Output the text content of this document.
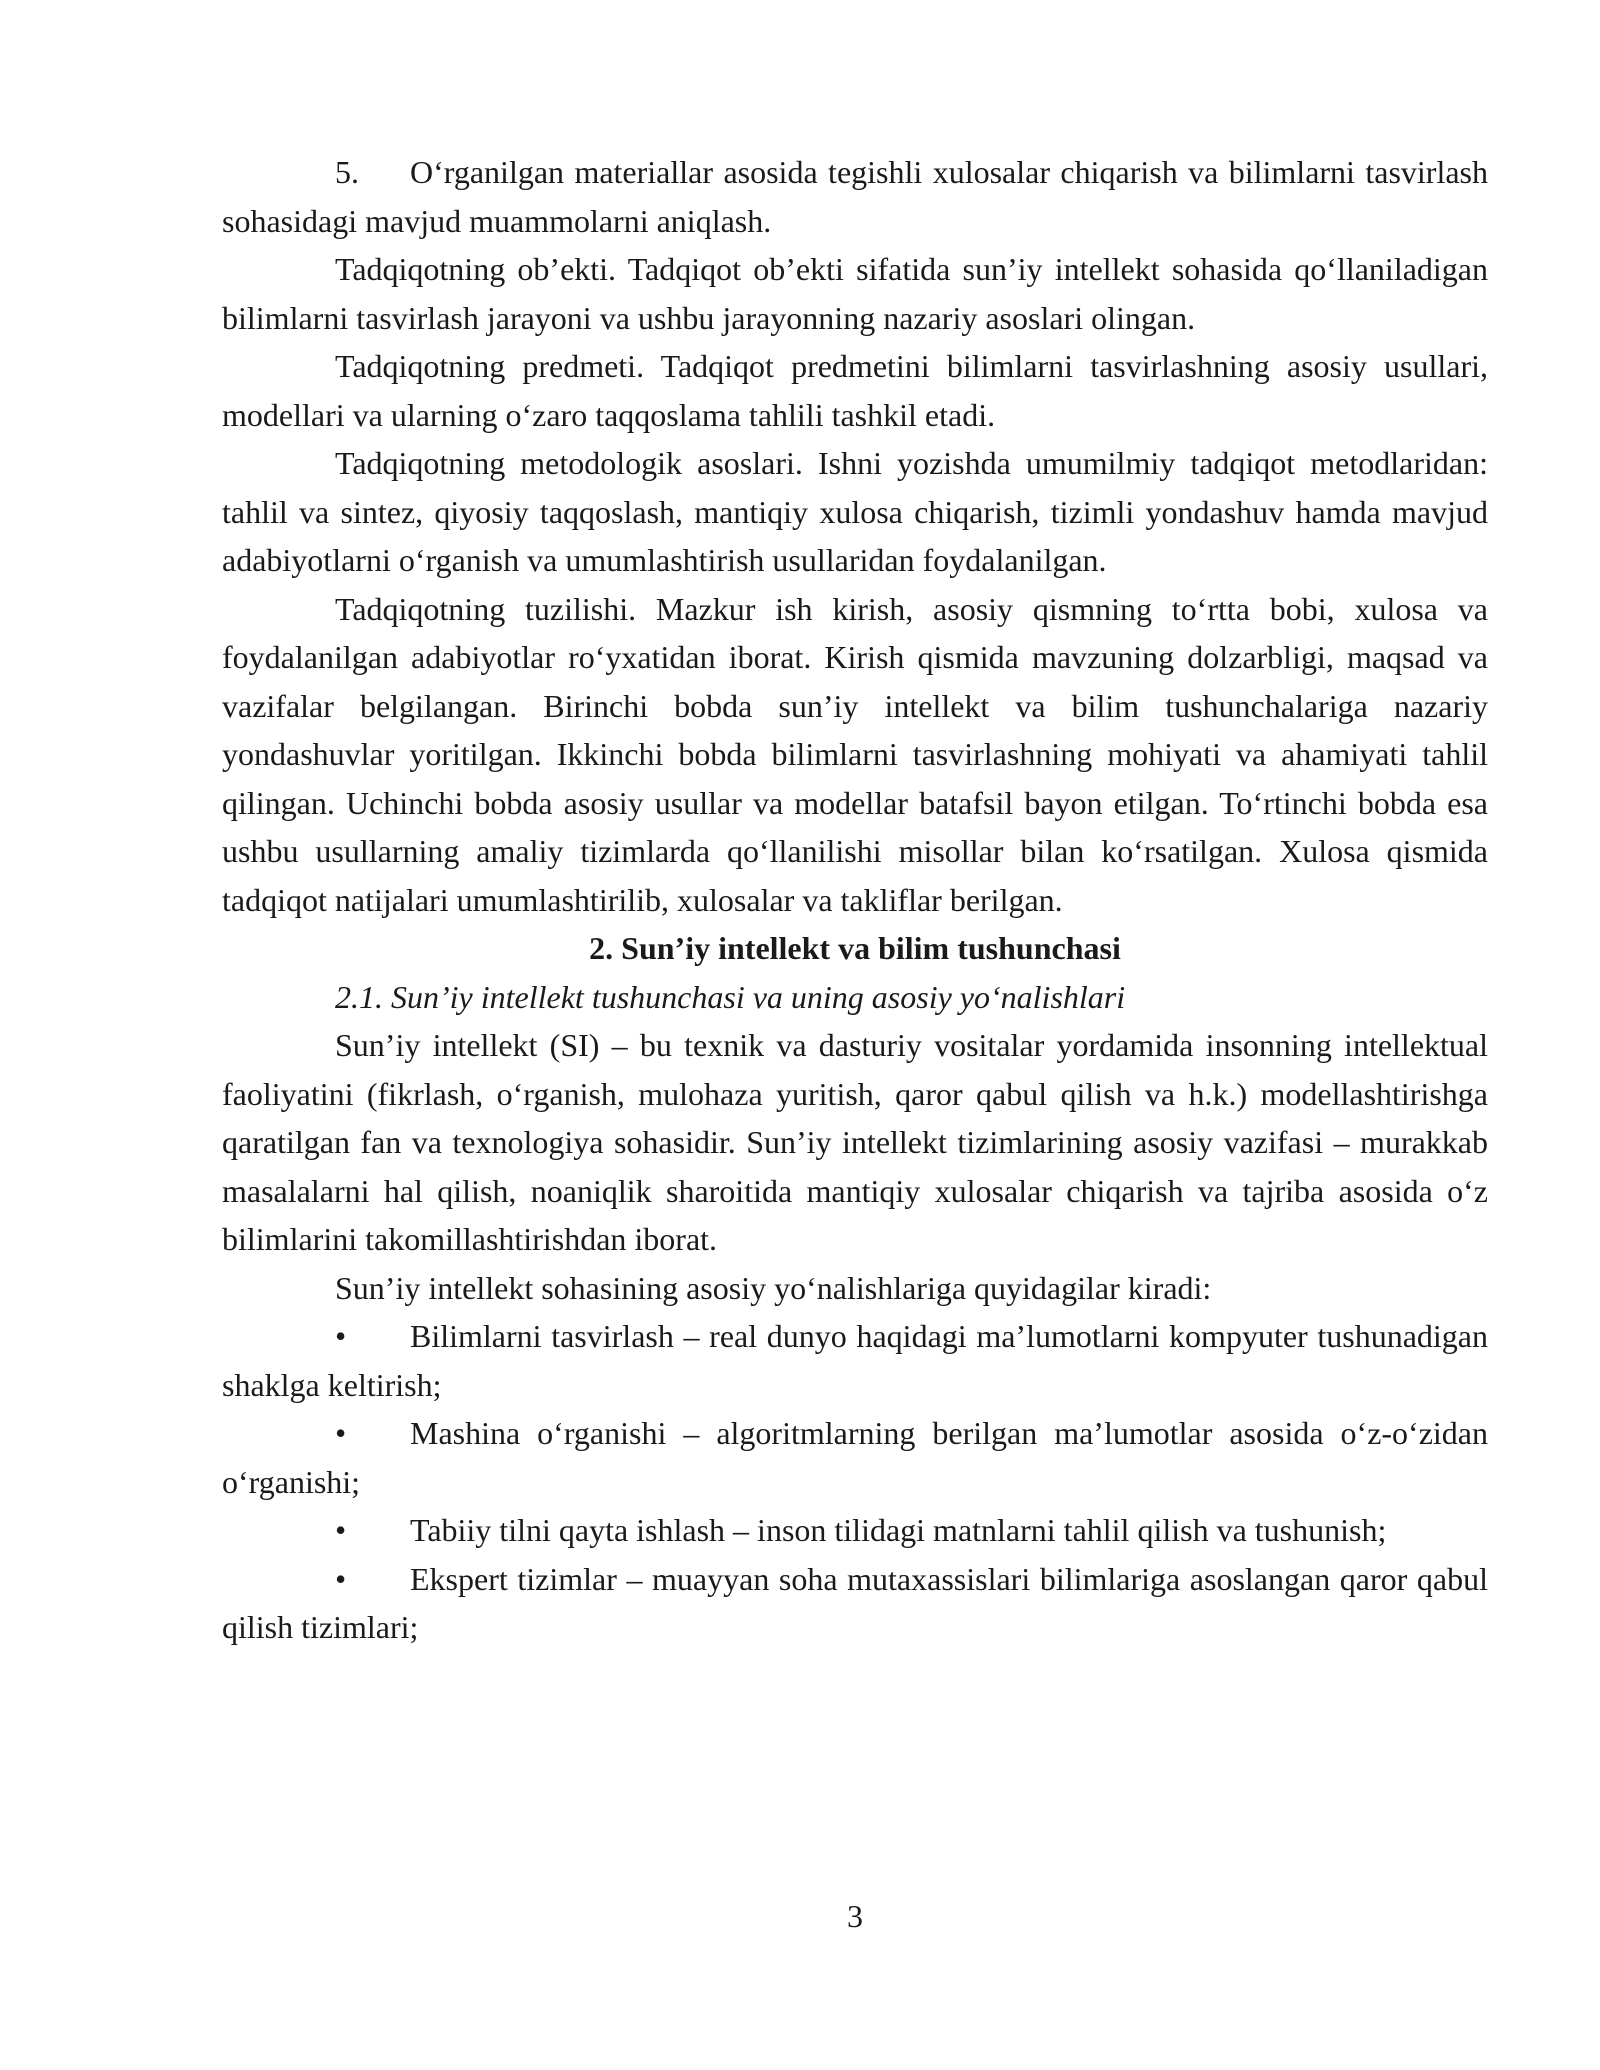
5. O‘rganilgan materiallar asosida tegishli xulosalar chiqarish va bilimlarni tasvirlash sohasidagi mavjud muammolarni aniqlash.

Tadqiqotning ob’ekti. Tadqiqot ob’ekti sifatida sun’iy intellekt sohasida qo‘llaniladigan bilimlarni tasvirlash jarayoni va ushbu jarayonning nazariy asoslari olingan.

Tadqiqotning predmeti. Tadqiqot predmetini bilimlarni tasvirlashning asosiy usullari, modellari va ularning o‘zaro taqqoslama tahlili tashkil etadi.

Tadqiqotning metodologik asoslari. Ishni yozishda umumilmiy tadqiqot metodlaridan: tahlil va sintez, qiyosiy taqqoslash, mantiqiy xulosa chiqarish, tizimli yondashuv hamda mavjud adabiyotlarni o‘rganish va umumlashtirish usullaridan foydalanilgan.

Tadqiqotning tuzilishi. Mazkur ish kirish, asosiy qismning to‘rtta bobi, xulosa va foydalanilgan adabiyotlar ro‘yxatidan iborat. Kirish qismida mavzuning dolzarbligi, maqsad va vazifalar belgilangan. Birinchi bobda sun’iy intellekt va bilim tushunchalariga nazariy yondashuvlar yoritilgan. Ikkinchi bobda bilimlarni tasvirlashning mohiyati va ahamiyati tahlil qilingan. Uchinchi bobda asosiy usullar va modellar batafsil bayon etilgan. To‘rtinchi bobda esa ushbu usullarning amaliy tizimlarda qo‘llanilishi misollar bilan ko‘rsatilgan. Xulosa qismida tadqiqot natijalari umumlashtirilib, xulosalar va takliflar berilgan.

2. Sun’iy intellekt va bilim tushunchasi

2.1. Sun’iy intellekt tushunchasi va uning asosiy yo‘nalishlari

Sun’iy intellekt (SI) – bu texnik va dasturiy vositalar yordamida insonning intellektual faoliyatini (fikrlash, o‘rganish, mulohaza yuritish, qaror qabul qilish va h.k.) modellashtirishga qaratilgan fan va texnologiya sohasidir. Sun’iy intellekt tizimlarining asosiy vazifasi – murakkab masalalarni hal qilish, noaniqlik sharoitida mantiqiy xulosalar chiqarish va tajriba asosida o‘z bilimlarini takomillashtirishdan iborat.

Sun’iy intellekt sohasining asosiy yo‘nalishlariga quyidagilar kiradi:

• Bilimlarni tasvirlash – real dunyo haqidagi ma’lumotlarni kompyuter tushunadigan shaklga keltirish;

• Mashina o‘rganishi – algoritmlarning berilgan ma’lumotlar asosida o‘z-o‘zidan o‘rganishi;

• Tabiiy tilni qayta ishlash – inson tilidagi matnlarni tahlil qilish va tushunish;

• Ekspert tizimlar – muayyan soha mutaxassislari bilimlariga asoslangan qaror qabul qilish tizimlari;

3
